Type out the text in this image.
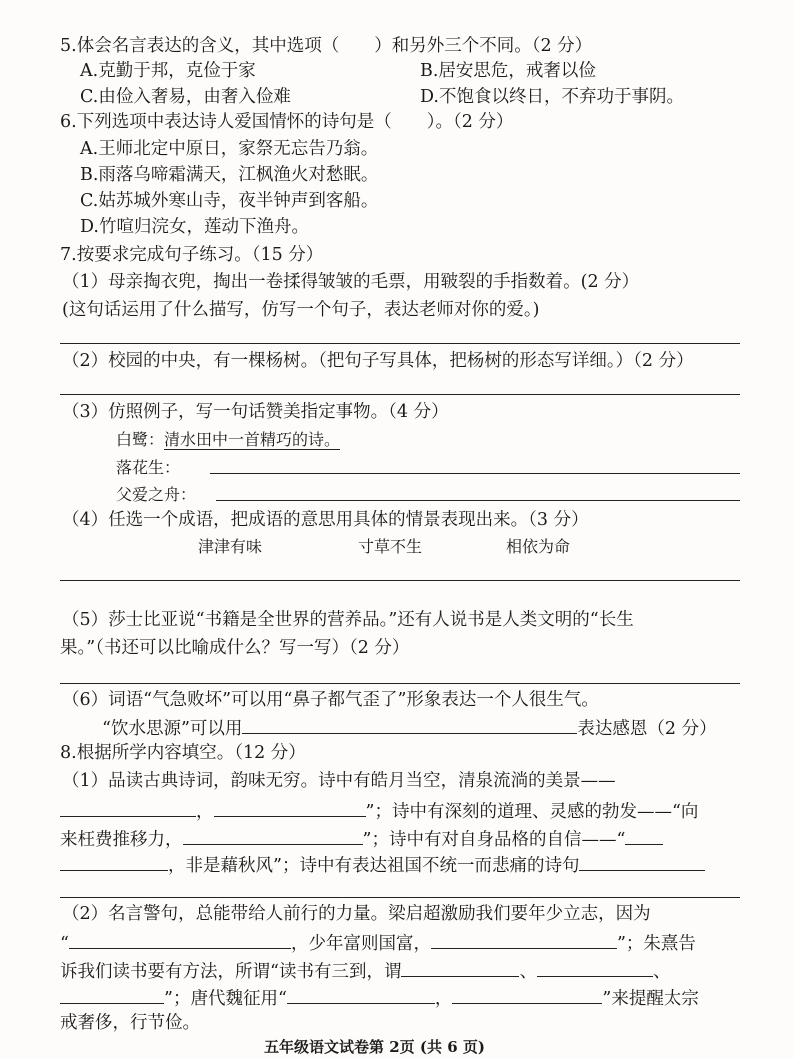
5.体会名言表达的含义，其中选项（　　）和另外三个不同。（2 分）
A.克勤于邦，克俭于家	B.居安思危，戒奢以俭
C.由俭入奢易，由奢入俭难	D.不饱食以终日，不弃功于事阴。
6.下列选项中表达诗人爱国情怀的诗句是（　　）。（2 分）
A.王师北定中原日，家祭无忘告乃翁。
B.雨落乌啼霜满天，江枫渔火对愁眠。
C.姑苏城外寒山寺，夜半钟声到客船。
D.竹喧归浣女，莲动下渔舟。
7.按要求完成句子练习。（15 分）
（1）母亲掏衣兜，掏出一卷揉得皱皱的毛票，用皲裂的手指数着。(2 分）
(这句话运用了什么描写，仿写一个句子，表达老师对你的爱。)
（2）校园的中央，有一棵杨树。（把句子写具体，把杨树的形态写详细。）（2 分）
（3）仿照例子，写一句话赞美指定事物。（4 分）
白鹭：清水田中一首精巧的诗。
落花生：
父爱之舟：
（4）任选一个成语，把成语的意思用具体的情景表现出来。（3 分）
津津有味	寸草不生	相依为命
（5）莎士比亚说“书籍是全世界的营养品。”还有人说书是人类文明的“长生
果。”（书还可以比喻成什么？写一写）（2 分）
（6）词语“气急败坏”可以用“鼻子都气歪了”形象表达一个人很生气。
“饮水思源”可以用	表达感恩（2 分）
8.根据所学内容填空。（12 分）
（1）品读古典诗词，韵味无穷。诗中有皓月当空，清泉流淌的美景——
，	”；诗中有深刻的道理、灵感的勃发——“向
来枉费推移力，	”；诗中有对自身品格的自信——“
，非是藉秋风”；诗中有表达祖国不统一而悲痛的诗句
（2）名言警句，总能带给人前行的力量。梁启超激励我们要年少立志，因为
“	，少年富则国富，	”；朱熹告
诉我们读书要有方法，所谓“读书有三到，谓	、	、
”；唐代魏征用“	，	”来提醒太宗
戒奢侈，行节俭。
五年级语文试卷第 2页 (共 6 页)
